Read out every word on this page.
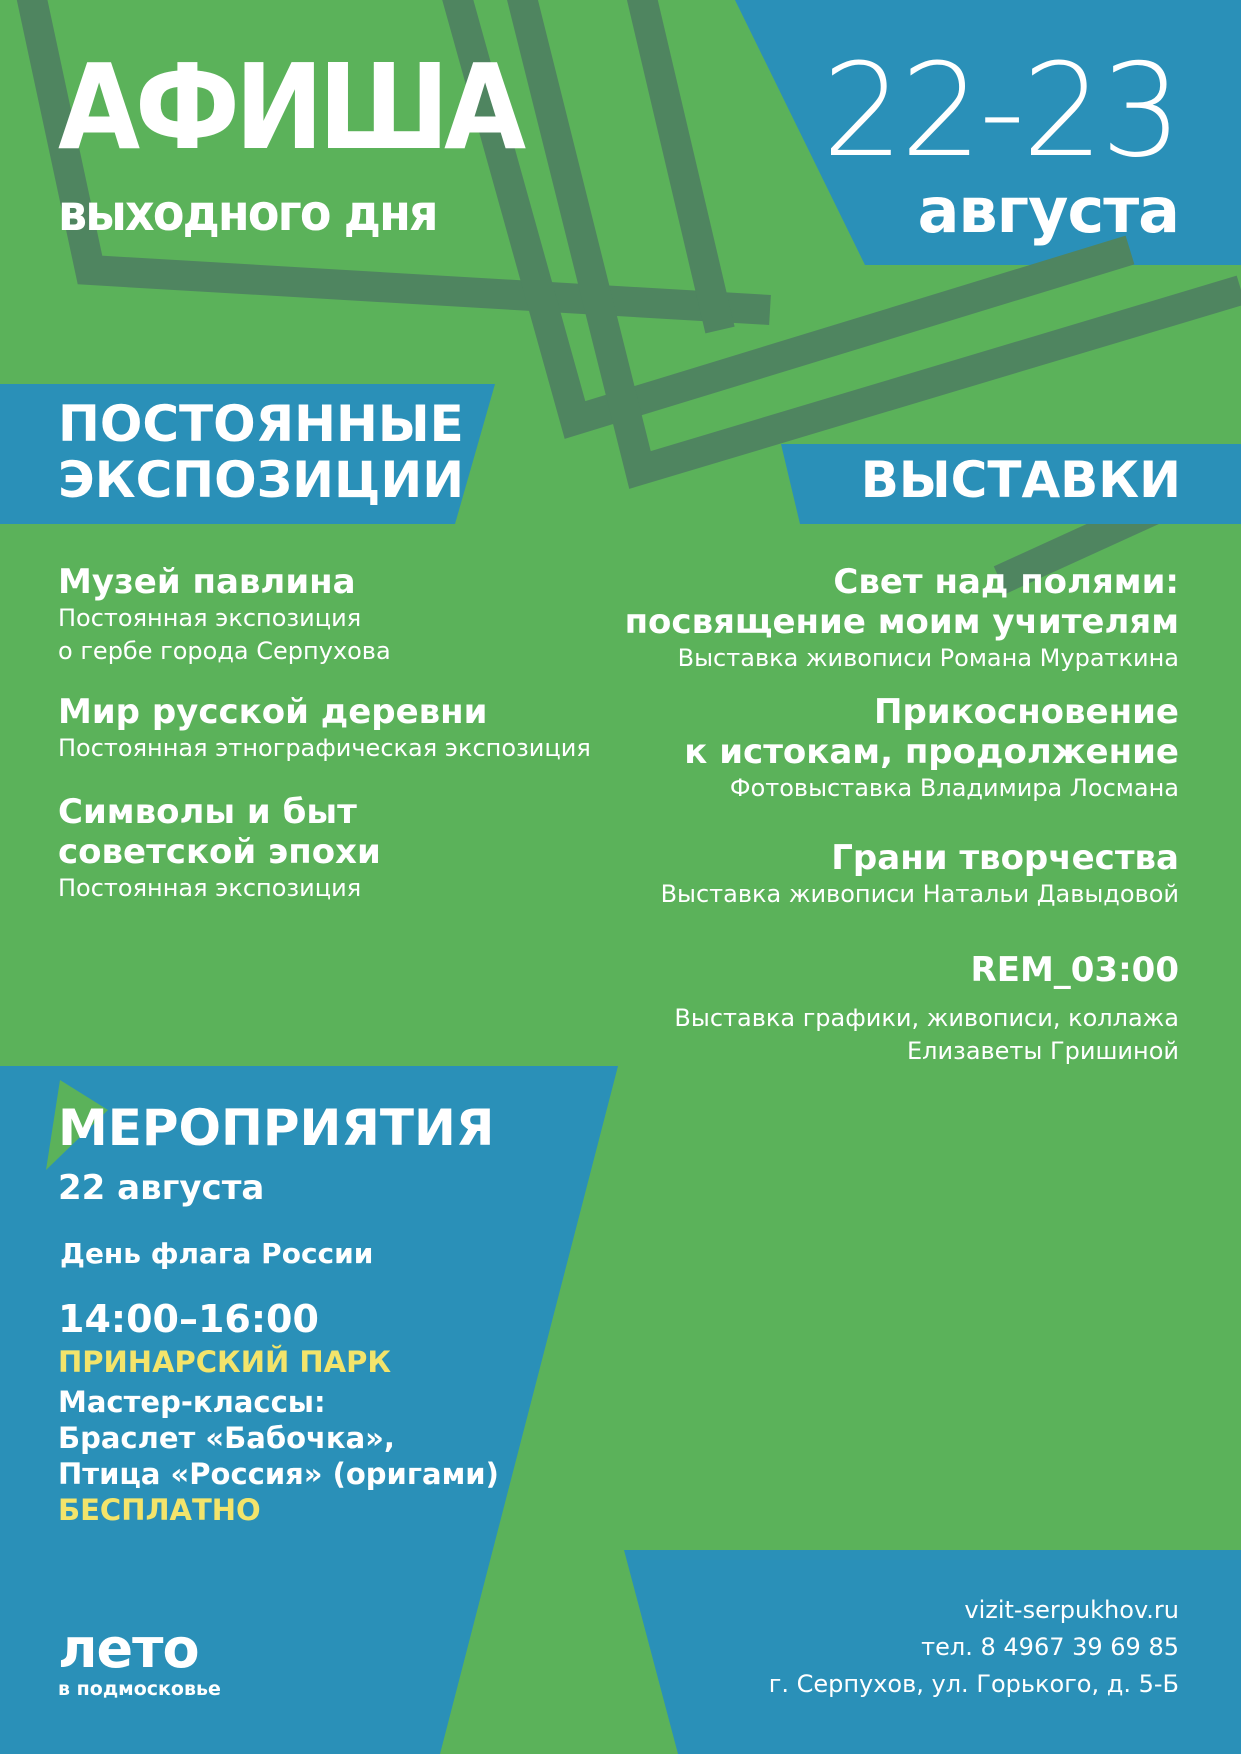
АФИША
выходного дня
22-23
августа
ПОСТОЯННЫЕ
ЭКСПОЗИЦИИ
Музей павлина
Постоянная экспозиция
о гербе города Серпухова
Мир русской деревни
Постоянная этнографическая экспозиция
Символы и быт
советской эпохи
Постоянная экспозиция
ВЫСТАВКИ
Свет над полями:
посвящение моим учителям
Выставка живописи Романа Мураткина
Прикосновение
к истокам, продолжение
Фотовыставка Владимира Лосмана
Грани творчества
Выставка живописи Натальи Давыдовой
REM_03:00
Выставка графики, живописи, коллажа
Елизаветы Гришиной
МЕРОПРИЯТИЯ
22 августа
День флага России
14:00–16:00
ПРИНАРСКИЙ ПАРК
Мастер-классы:
Браслет «Бабочка»,
Птица «Россия» (оригами)
БЕСПЛАТНО
лето
в подмосковье
vizit-serpukhov.ru
тел. 8 4967 39 69 85
г. Серпухов, ул. Горького, д. 5-Б
